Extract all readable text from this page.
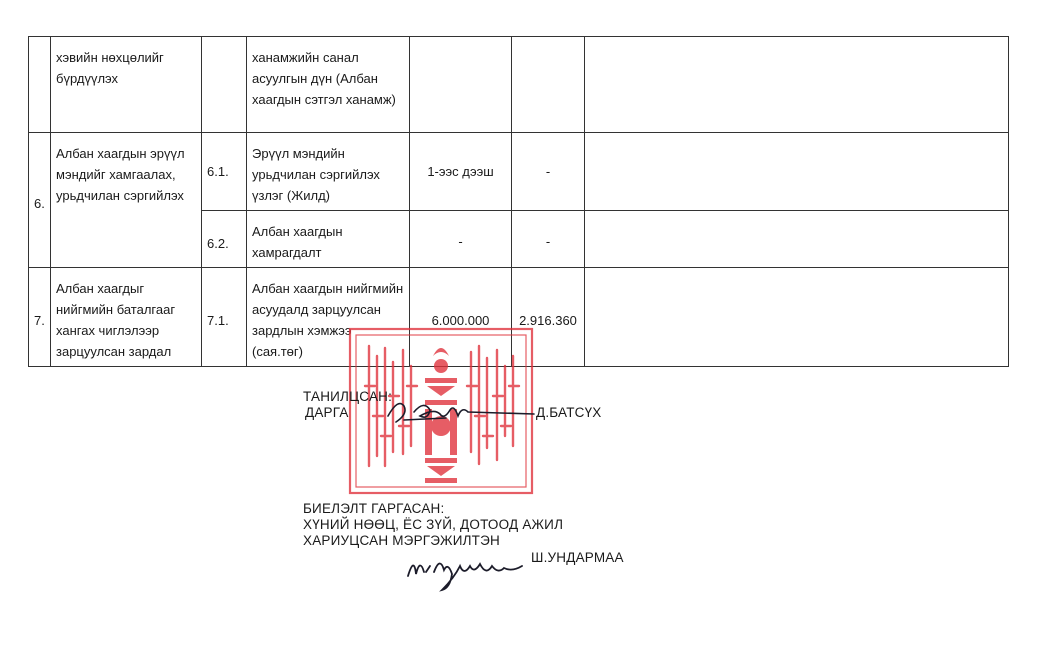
	хэвийн нөхцөлийг бүрдүүлэх		ханамжийн санал асуулгын дүн (Албан хаагдын сэтгэл ханамж)			
6.	Албан хаагдын эрүүл мэндийг хамгаалах, урьдчилан сэргийлэх	6.1.	Эрүүл мэндийн урьдчилан сэргийлэх үзлэг (Жилд)	1-ээс дээш	-	
		6.2.	Албан хаагдын хамрагдалт	-	-	
7.	Албан хаагдыг нийгмийн баталгааг хангах чиглэлээр зарцуулсан зардал	7.1.	Албан хаагдын нийгмийн асуудалд зарцуулсан зардлын хэмжээ (сая.төг)	6.000.000	2.916.360	
ТАНИЛЦСАН:
ДАРГА	Д.БАТСҮХ
БИЕЛЭЛТ ГАРГАСАН:
ХҮНИЙ НӨӨЦ, ЁС ЗҮЙ, ДОТООД АЖИЛ
ХАРИУЦСАН МЭРГЭЖИЛТЭН
Ш.УНДАРМАА
